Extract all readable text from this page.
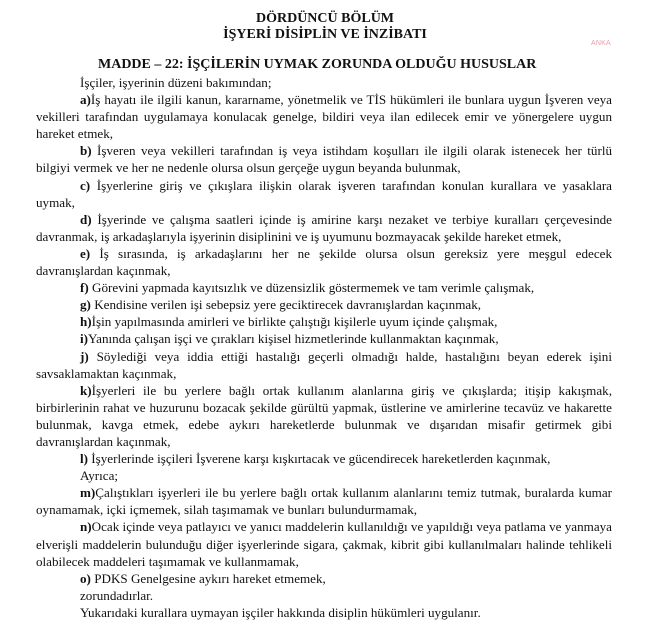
ANKA
DÖRDÜNCÜ BÖLÜM
İŞYERİ DİSİPLİN VE İNZİBATI
MADDE – 22: İŞÇİLERİN UYMAK ZORUNDA OLDUĞU HUSUSLAR

İşçiler, işyerinin düzeni bakımından;

a)İş hayatı ile ilgili kanun, kararname, yönetmelik ve TİS hükümleri ile bunlara uygun İşveren veya vekilleri tarafından uygulamaya konulacak genelge, bildiri veya ilan edilecek emir ve yönergelere uygun hareket etmek,

b) İşveren veya vekilleri tarafından iş veya istihdam koşulları ile ilgili olarak istenecek her türlü bilgiyi vermek ve her ne nedenle olursa olsun gerçeğe uygun beyanda bulunmak,

c) İşyerlerine giriş ve çıkışlara ilişkin olarak işveren tarafından konulan kurallara ve yasaklara uymak,

d) İşyerinde ve çalışma saatleri içinde iş amirine karşı nezaket ve terbiye kuralları çerçevesinde davranmak, iş arkadaşlarıyla işyerinin disiplinini ve iş uyumunu bozmayacak şekilde hareket etmek,

e) İş sırasında, iş arkadaşlarını her ne şekilde olursa olsun gereksiz yere meşgul edecek davranışlardan kaçınmak,

f) Görevini yapmada kayıtsızlık ve düzensizlik göstermemek ve tam verimle çalışmak,

g) Kendisine verilen işi sebepsiz yere geciktirecek davranışlardan kaçınmak,

h)İşin yapılmasında amirleri ve birlikte çalıştığı kişilerle uyum içinde çalışmak,

i)Yanında çalışan işçi ve çırakları kişisel hizmetlerinde kullanmaktan kaçınmak,

j) Söylediği veya iddia ettiği hastalığı geçerli olmadığı halde, hastalığını beyan ederek işini savsaklamaktan kaçınmak,

k)İşyerleri ile bu yerlere bağlı ortak kullanım alanlarına giriş ve çıkışlarda; itişip kakışmak, birbirlerinin rahat ve huzurunu bozacak şekilde gürültü yapmak, üstlerine ve amirlerine tecavüz ve hakarette bulunmak, kavga etmek, edebe aykırı hareketlerde bulunmak ve dışarıdan misafir getirmek gibi davranışlardan kaçınmak,

l) İşyerlerinde işçileri İşverene karşı kışkırtacak ve gücendirecek hareketlerden kaçınmak,

Ayrıca;

m)Çalıştıkları işyerleri ile bu yerlere bağlı ortak kullanım alanlarını temiz tutmak, buralarda kumar oynamamak, içki içmemek, silah taşımamak ve bunları bulundurmamak,

n)Ocak içinde veya patlayıcı ve yanıcı maddelerin kullanıldığı ve yapıldığı veya patlama ve yanmaya elverişli maddelerin bulunduğu diğer işyerlerinde sigara, çakmak, kibrit gibi kullanılmaları halinde tehlikeli olabilecek maddeleri taşımamak ve kullanmamak,

o) PDKS Genelgesine aykırı hareket etmemek,

zorundadırlar.

Yukarıdaki kurallara uymayan işçiler hakkında disiplin hükümleri uygulanır.
